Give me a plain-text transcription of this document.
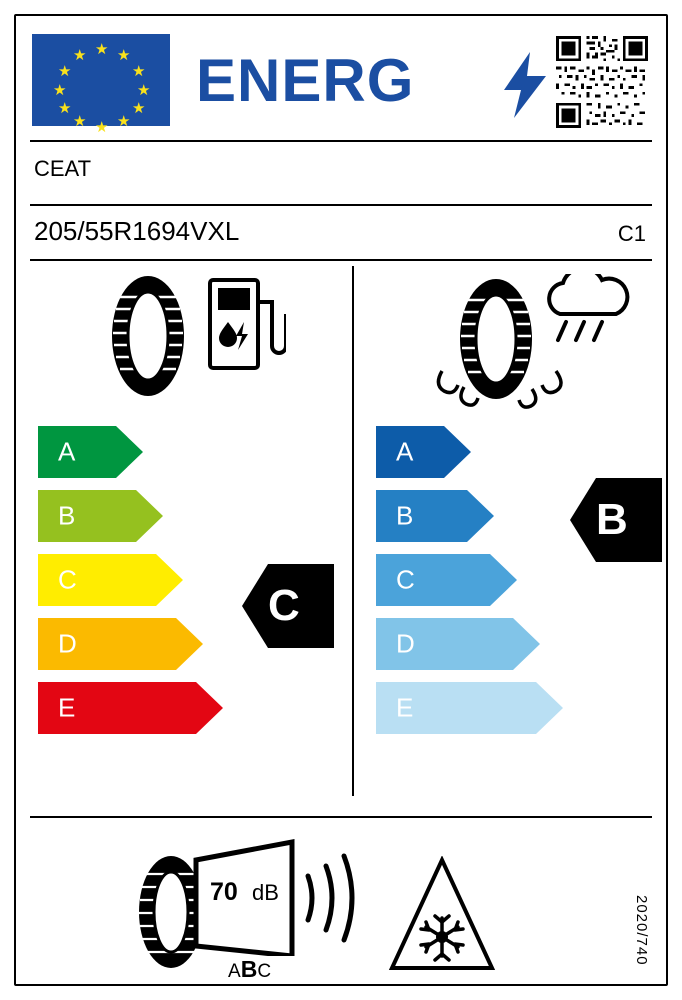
★
★ ★
★	★
★	★
★	★
★ ★
★
ENERG
CEAT
205/55R1694VXL	C1
A
B
C
D
E
C
A
B
C
D
E
B
70 dB
ABC
2020/740
